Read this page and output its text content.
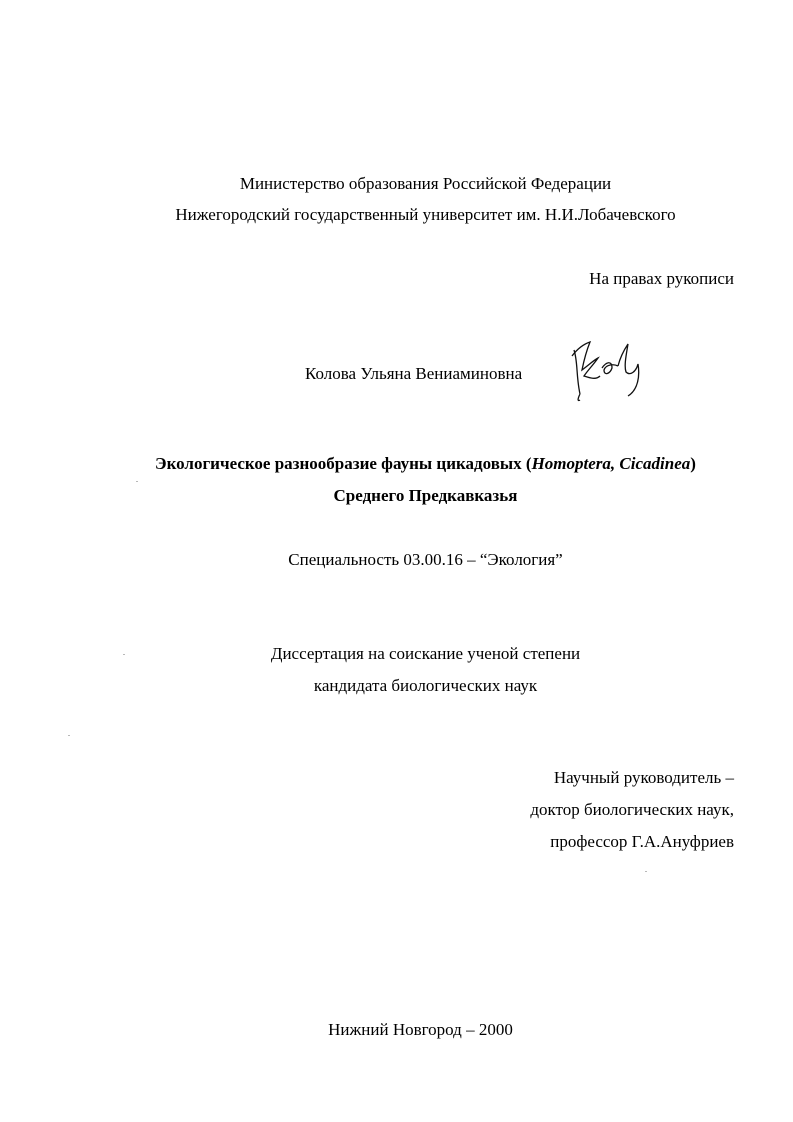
Министерство образования Российской Федерации
Нижегородский государственный университет им. Н.И.Лобачевского
На правах рукописи
Колова Ульяна Вениаминовна
Экологическое разнообразие фауны цикадовых (Homoptera, Cicadinea)
Среднего Предкавказья
Специальность 03.00.16 – “Экология”
Диссертация на соискание ученой степени
кандидата биологических наук
Научный руководитель –
доктор биологических наук,
профессор Г.А.Ануфриев
Нижний Новгород – 2000
